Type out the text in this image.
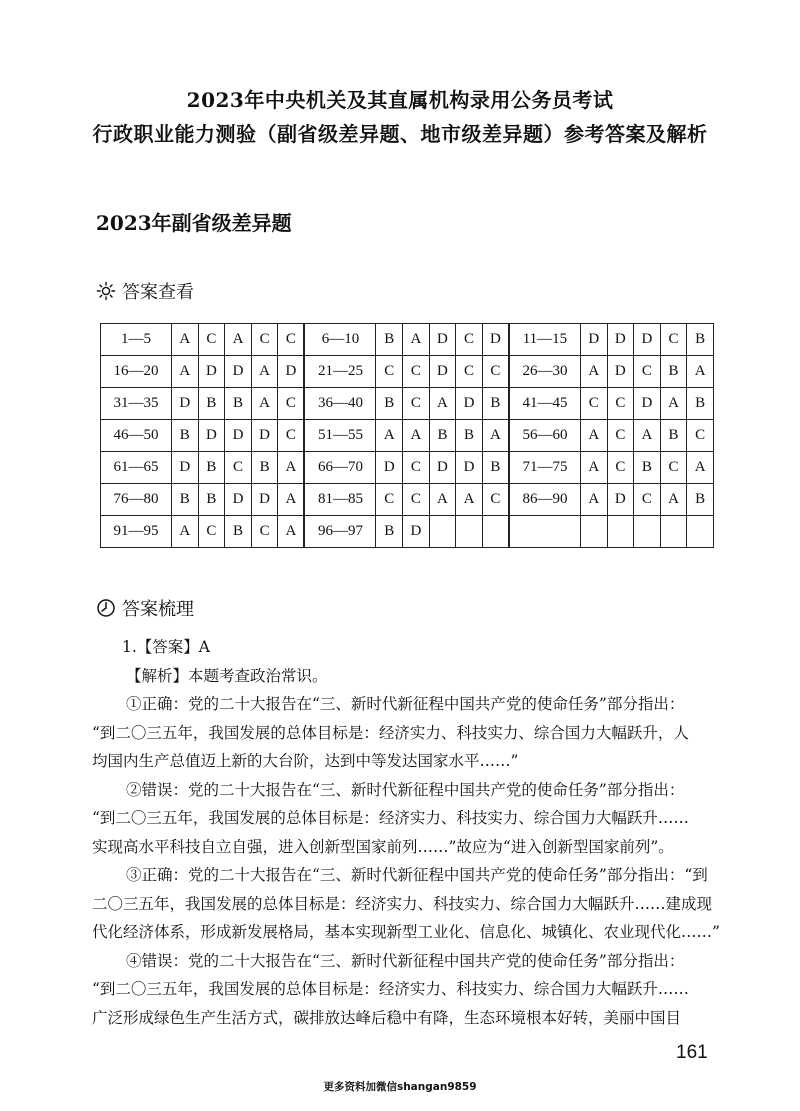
2023年中央机关及其直属机构录用公务员考试
行政职业能力测验（副省级差异题、地市级差异题）参考答案及解析
2023年副省级差异题
答案查看
1—5	A	C	A	C	C	6—10	B	A	D	C	D	11—15	D	D	D	C	B
16—20	A	D	D	A	D	21—25	C	C	D	C	C	26—30	A	D	C	B	A
31—35	D	B	B	A	C	36—40	B	C	A	D	B	41—45	C	C	D	A	B
46—50	B	D	D	D	C	51—55	A	A	B	B	A	56—60	A	C	A	B	C
61—65	D	B	C	B	A	66—70	D	C	D	D	B	71—75	A	C	B	C	A
76—80	B	B	D	D	A	81—85	C	C	A	A	C	86—90	A	D	C	A	B
91—95	A	C	B	C	A	96—97	B	D									
答案梳理

1.【答案】A

【解析】本题考查政治常识。

①正确：党的二十大报告在“三、新时代新征程中国共产党的使命任务”部分指出：

“到二〇三五年，我国发展的总体目标是：经济实力、科技实力、综合国力大幅跃升，人

均国内生产总值迈上新的大台阶，达到中等发达国家水平……”

②错误：党的二十大报告在“三、新时代新征程中国共产党的使命任务”部分指出：

“到二〇三五年，我国发展的总体目标是：经济实力、科技实力、综合国力大幅跃升……

实现高水平科技自立自强，进入创新型国家前列……”故应为“进入创新型国家前列”。

③正确：党的二十大报告在“三、新时代新征程中国共产党的使命任务”部分指出：“到

二〇三五年，我国发展的总体目标是：经济实力、科技实力、综合国力大幅跃升……建成现

代化经济体系，形成新发展格局，基本实现新型工业化、信息化、城镇化、农业现代化……”

④错误：党的二十大报告在“三、新时代新征程中国共产党的使命任务”部分指出：

“到二〇三五年，我国发展的总体目标是：经济实力、科技实力、综合国力大幅跃升……

广泛形成绿色生产生活方式，碳排放达峰后稳中有降，生态环境根本好转，美丽中国目

161
更多资料加微信shangan9859
